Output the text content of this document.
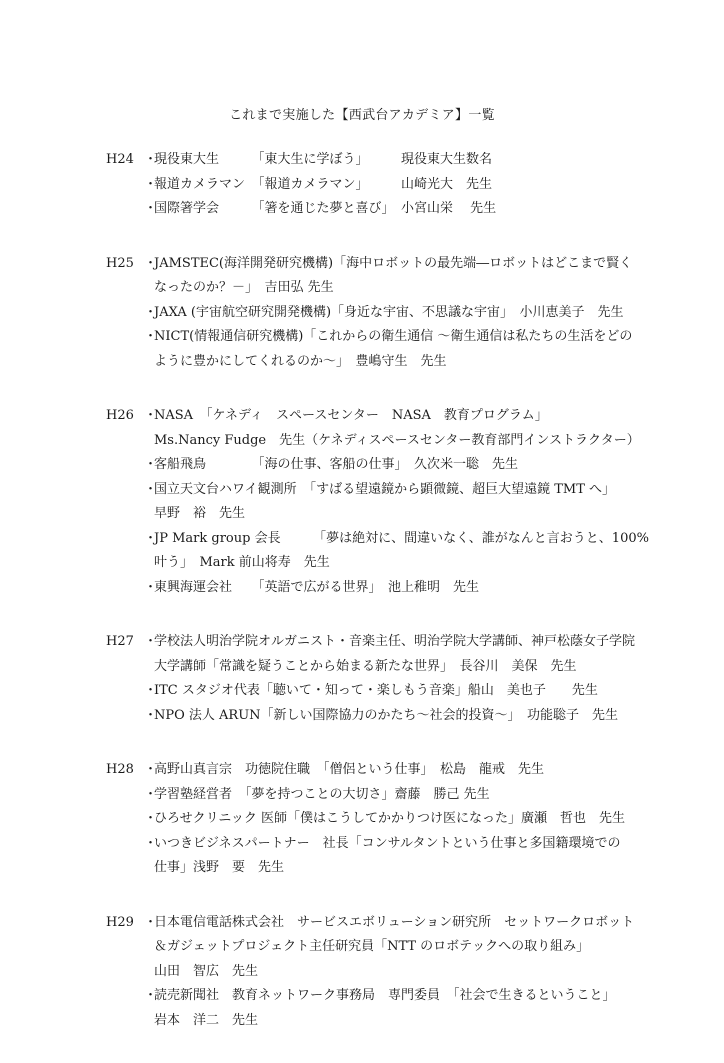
これまで実施した【西武台アカデミア】一覧
H24 ・
現役東大生　　　「東大生に学ぼう」　　　現役東大生数名
・
報道カメラマン　「報道カメラマン」　　　山崎光大　先生
・
国際箸学会　　　「箸を通じた夢と喜び」　小宮山栄　 先生
H25 ・
JAMSTEC(海洋開発研究機構)「海中ロボットの最先端―ロボットはどこまで賢く
なったのか？－」　吉田弘 先生
・
JAXA (宇宙航空研究開発機構)「身近な宇宙、不思議な宇宙」　小川恵美子　先生
・
NICT(情報通信研究機構)「これからの衛生通信 ～衛生通信は私たちの生活をどの
ように豊かにしてくれるのか～」　豊嶋守生　先生
H26 ・
NASA　「ケネディ　スペースセンター　NASA　教育プログラム」
Ms.Nancy Fudge　先生（ケネディスペースセンター教育部門インストラクター）
・
客船飛鳥　　　　「海の仕事、客船の仕事」　久次米一聡　先生
・
国立天文台ハワイ観測所　「すばる望遠鏡から顕微鏡、超巨大望遠鏡 TMT へ」
早野　裕　先生
・
JP Mark group 会長　　　「夢は絶対に、間違いなく、誰がなんと言おうと、100%
叶う」　Mark 前山将寿　先生
・
東興海運会社　　「英語で広がる世界」　池上稚明　先生
H27 ・
学校法人明治学院オルガニスト・音楽主任、明治学院大学講師、神戸松蔭女子学院
大学講師「常識を疑うことから始まる新たな世界」　長谷川　美保　先生
・
ITC スタジオ代表「聴いて・知って・楽しもう音楽」船山　美也子　　先生
・
NPO 法人 ARUN「新しい国際協力のかたち～社会的投資～」　功能聡子　先生
H28 ・
高野山真言宗　功徳院住職　「僧侶という仕事」　松島　龍戒　先生
・
学習塾経営者　「夢を持つことの大切さ」齋藤　勝己 先生
・
ひろせクリニック 医師「僕はこうしてかかりつけ医になった」廣瀬　哲也　先生
・
いつきビジネスパートナー　社長「コンサルタントという仕事と多国籍環境での
仕事」浅野　要　先生
H29 ・
日本電信電話株式会社　サービスエボリューション研究所　セットワークロボット
＆ガジェットプロジェクト主任研究員「NTT のロボテックへの取り組み」
山田　智広　先生
・
読売新聞社　教育ネットワーク事務局　専門委員　「社会で生きるということ」
岩本　洋二　先生
